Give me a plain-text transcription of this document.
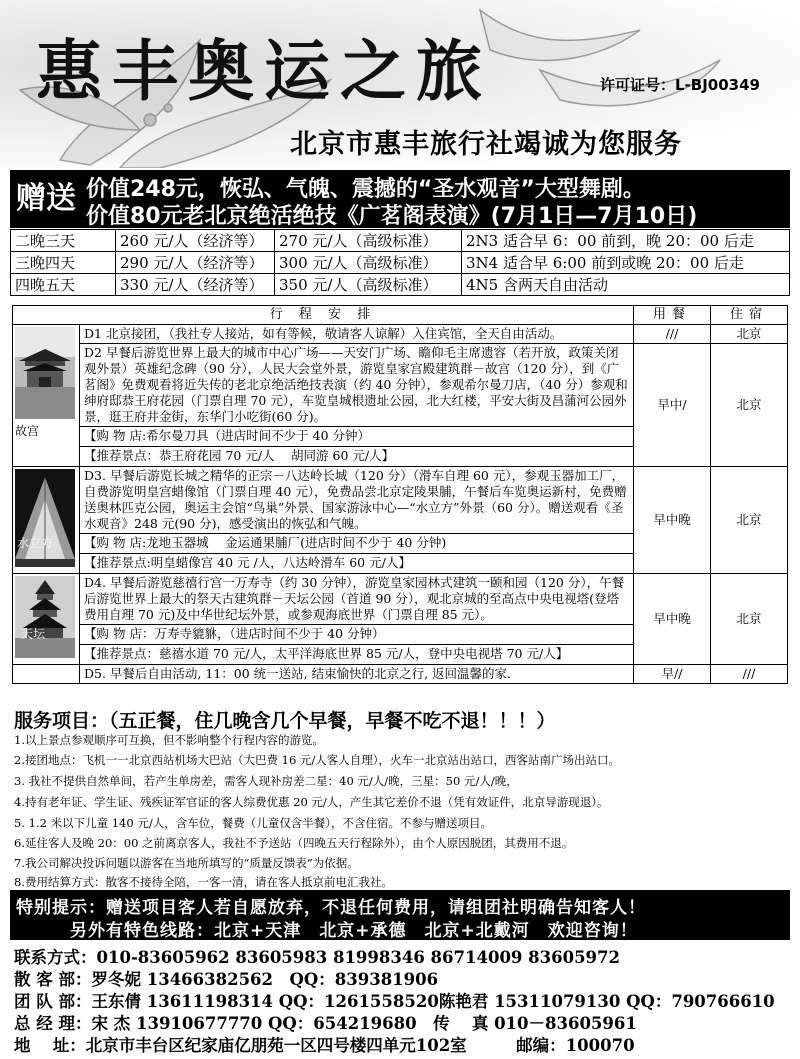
惠丰奥运之旅	许可证号：L-BJ00349
北京市惠丰旅行社竭诚为您服务
赠送 价值248元，恢弘、气魄、震撼的“圣水观音”大型舞剧。
价值80元老北京绝活绝技《广茗阁表演》(7月1日—7月10日)
二晚三天	260 元/人（经济等）	270 元/人（高级标准）	2N3 适合早 6：00 前到，晚 20：00 后走
三晚四天	290 元/人（经济等）	300 元/人（高级标准）	3N4 适合早 6:00 前到或晚 20：00 后走
四晚五天	330 元/人（经济等）	350 元/人（高级标准）	4N5 含两天自由活动
行 程 安 排		用餐	住宿

故宫	D1 北京接团，（我社专人接站，如有等候，敬请客人谅解）入住宾馆，全天自由活动。	///	北京

	D2 早餐后游览世界上最大的城市中心广场——天安门广场、瞻仰毛主席遗容（若开放，政策关闭观外景）英雄纪念碑（90 分），人民大会堂外景，游览皇家宫殿建筑群－故宫（120 分），到《广茗阁》免费观看将近失传的老北京绝活绝技表演（约 40 分钟），参观希尔曼刀店，（40 分）参观和绅府邸恭王府花园（门票自理 70 元），车览皇城根遗址公园，北大红楼，平安大街及昌蒲河公园外景，逛王府井金街，东华门小吃街(60 分)。
【购 物 店:希尔曼刀具（进店时间不少于 40 分钟）
【推荐景点：恭王府花园 70 元/人　 胡同游 60 元/人】	早中/	北京

水立方	D3. 早餐后游览长城之精华的正宗－八达岭长城（120 分）（滑车自理 60 元），参观玉器加工厂，自费游览明皇宫蜡像馆（门票自理 40 元），免费品尝北京定陵果脯，午餐后车览奥运新村，免费赠送奥林匹克公园，奥运主会馆“鸟巢”外景、国家游泳中心—“水立方”外景（60 分）。赠送观看《圣水观音》248 元(90 分)，感受演出的恢弘和气魄。
【购 物 店:龙地玉器城　 金运通果脯厂(进店时间不少于 40 分钟)
【推荐景点:明皇蜡像宫 40 元 /人，八达岭滑车 60 元/人】	早中晚	北京

天坛	D4. 早餐后游览慈禧行宫一万寿寺（约 30 分钟），游览皇家园林式建筑一颐和园（120 分），午餐后游览世界上最大的祭天古建筑群－天坛公园（首道 90 分），观北京城的至高点中央电视塔(登塔费用自理 70 元)及中华世纪坛外景，或参观海底世界（门票自理 85 元）。
【购 物 店：万寿寺貔貅，（进店时间不少于 40 分钟）
【推荐景点：慈禧水道 70 元/人，太平洋海底世界 85 元/人，登中央电视塔 70 元/人】	早中晚	北京
	D5. 早餐后自由活动, 11：00 统一送站, 结束愉快的北京之行, 返回温馨的家.	早//	///
服务项目：（五正餐，住几晚含几个早餐，早餐不吃不退！！！）
1.以上景点参观顺序可互换，但不影响整个行程内容的游览。
2.接团地点：飞机一一北京西站机场大巴站（大巴费 16 元/人客人自理），火车一北京站出站口，西客站南广场出站口。
3. 我社不提供自然单间，若产生单房差，需客人现补房差二星：40 元/人/晚，三星：50 元/人/晚，
4.持有老年证、学生证、残疾证军官证的客人综费优惠 20 元/人，产生其它差价不退（凭有效证件，北京导游现退）。
5. 1.2 米以下儿童 140 元/人，含车位，餐费（儿童仅含半餐），不含住宿。不参与赠送项目。
6.延住客人及晚 20：00 之前离京客人，我社不予送站（四晚五天行程除外），由个人原因脱团，其费用不退。
7.我公司解决投诉问题以游客在当地所填写的“质量反馈表”为依据。
8.费用结算方式：散客不接待全陪，一客一清，请在客人抵京前电汇我社。
特别提示：赠送项目客人若自愿放弃，不退任何费用，请组团社明确告知客人！
另外有特色线路：北京+天津　北京+承德　北京+北戴河　欢迎咨询！
联系方式：010-83605962 83605983 81998346 86714009 83605972
散 客 部：罗冬妮 13466382562　QQ：839381906
团 队 部：王东倩 13611198314 QQ：1261558520陈艳君 15311079130 QQ：790766610
总 经 理：宋 杰 13910677770 QQ：654219680　传　 真 010－83605961
地　 址：北京市丰台区纪家庙亿朋苑一区四号楼四单元102室　　　邮编：100070
